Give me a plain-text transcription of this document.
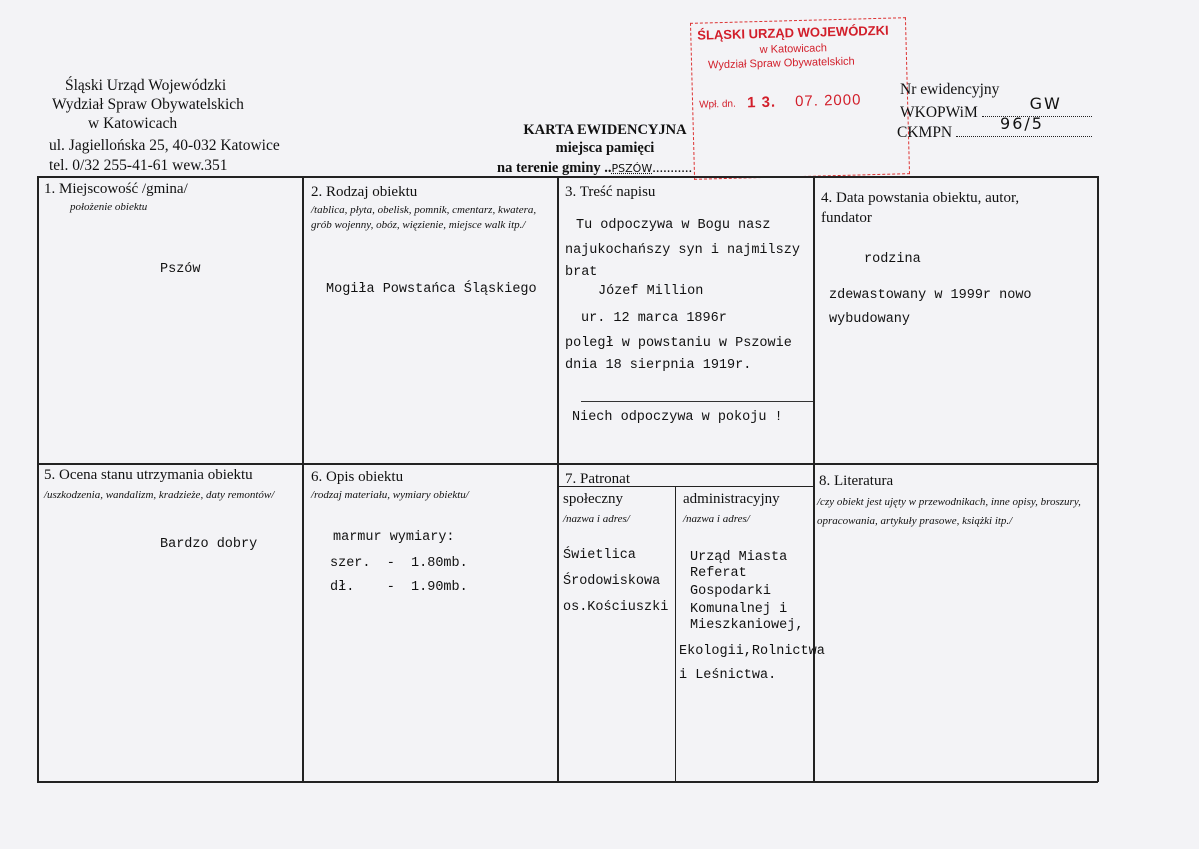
Śląski Urząd Wojewódzki
Wydział Spraw Obywatelskich
w Katowicach
ul. Jagiellońska 25, 40-032 Katowice
tel. 0/32 255-41-61 wew.351
KARTA EWIDENCYJNA
miejsca pamięci
na terenie gminy ..PSZÓW...........
ŚLĄSKI URZĄD WOJEWÓDZKI
w Katowicach
Wydział Spraw Obywatelskich
Wpł. dn. 1 3. 07. 2000
Nr ewidencyjny
WKOPWiM	GW
CKMPN	96/5
1. Miejscowość /gmina/
położenie obiektu
Pszów
2. Rodzaj obiektu
/tablica, płyta, obelisk, pomnik, cmentarz, kwatera, grób wojenny, obóz, więzienie, miejsce walk itp./
Mogiła Powstańca Śląskiego
3. Treść napisu
Tu odpoczywa w Bogu nasz
najukochańszy syn i najmilszy
brat
Józef Million
ur. 12 marca 1896r
poległ w powstaniu w Pszowie
dnia 18 sierpnia 1919r.
Niech odpoczywa w pokoju !
4. Data powstania obiektu, autor,
fundator
rodzina
zdewastowany w 1999r nowo
wybudowany
5. Ocena stanu utrzymania obiektu
/uszkodzenia, wandalizm, kradzieże, daty remontów/
Bardzo dobry
6. Opis obiektu
/rodzaj materiału, wymiary obiektu/
marmur wymiary:
szer.  -  1.80mb.
dł.    -  1.90mb.
7. Patronat
społeczny
/nazwa i adres/
Świetlica
Środowiskowa
os.Kościuszki
administracyjny
/nazwa i adres/
Urząd Miasta
Referat
Gospodarki
Komunalnej i
Mieszkaniowej,
Ekologii,Rolnictwa
i Leśnictwa.
8. Literatura
/czy obiekt jest ujęty w przewodnikach, inne opisy, broszury, opracowania, artykuły prasowe, książki itp./
